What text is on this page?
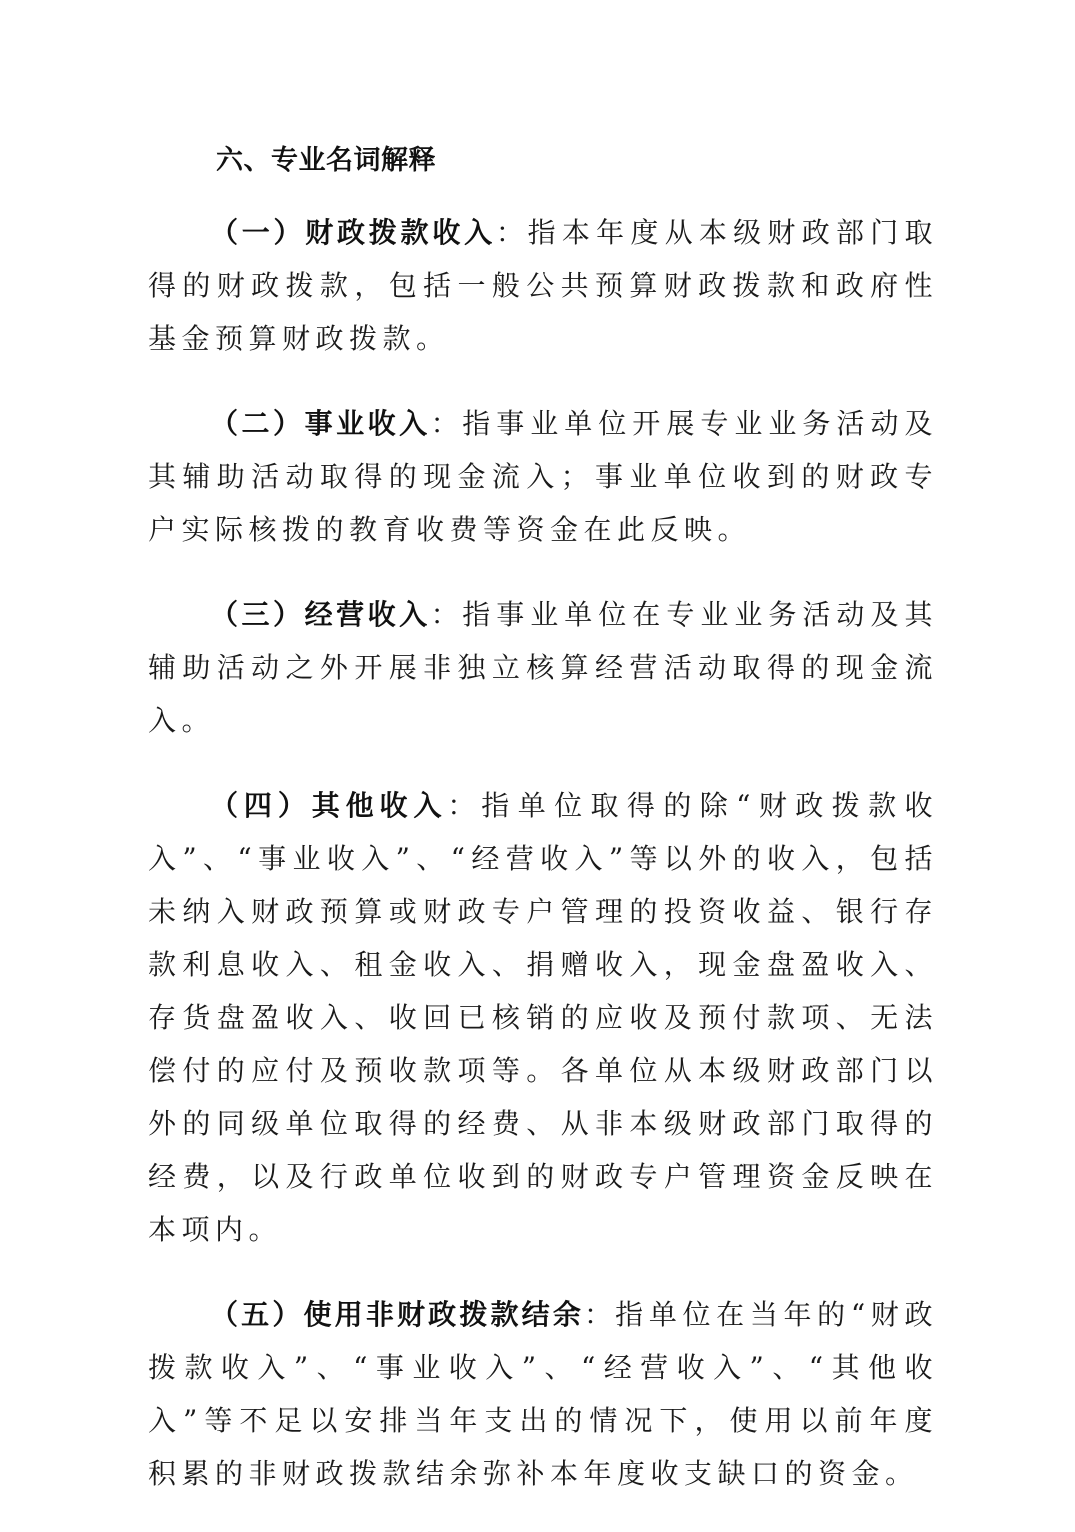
六、专业名词解释

（一）财政拨款收入：指本年度从本级财政部门取得的财政拨款，包括一般公共预算财政拨款和政府性基金预算财政拨款。

（二）事业收入：指事业单位开展专业业务活动及其辅助活动取得的现金流入；事业单位收到的财政专户实际核拨的教育收费等资金在此反映。

（三）经营收入：指事业单位在专业业务活动及其辅助活动之外开展非独立核算经营活动取得的现金流入。

（四）其他收入：指单位取得的除“财政拨款收入”、“事业收入”、“经营收入”等以外的收入，包括未纳入财政预算或财政专户管理的投资收益、银行存款利息收入、租金收入、捐赠收入，现金盘盈收入、存货盘盈收入、收回已核销的应收及预付款项、无法偿付的应付及预收款项等。各单位从本级财政部门以外的同级单位取得的经费、从非本级财政部门取得的经费，以及行政单位收到的财政专户管理资金反映在本项内。

（五）使用非财政拨款结余：指单位在当年的“财政拨款收入”、“事业收入”、“经营收入”、“其他收入”等不足以安排当年支出的情况下，使用以前年度积累的非财政拨款结余弥补本年度收支缺口的资金。
